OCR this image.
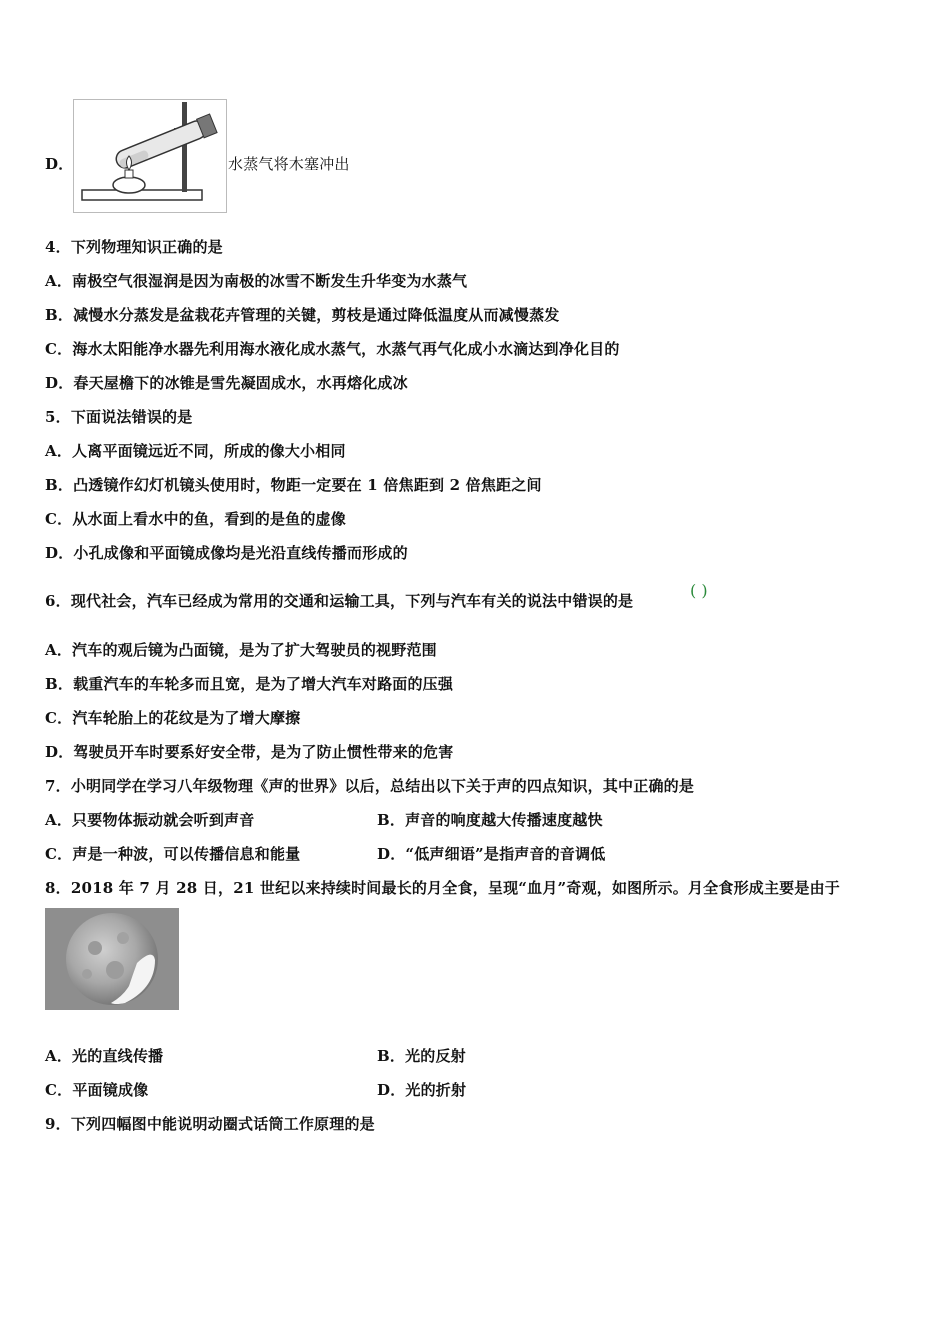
D．	水蒸气将木塞冲出
4．下列物理知识正确的是
A．南极空气很湿润是因为南极的冰雪不断发生升华变为水蒸气
B．减慢水分蒸发是盆栽花卉管理的关键，剪枝是通过降低温度从而减慢蒸发
C．海水太阳能净水器先利用海水液化成水蒸气，水蒸气再气化成小水滴达到净化目的
D．春天屋檐下的冰锥是雪先凝固成水，水再熔化成冰
5．下面说法错误的是
A．人离平面镜远近不同，所成的像大小相同
B．凸透镜作幻灯机镜头使用时，物距一定要在 1 倍焦距到 2 倍焦距之间
C．从水面上看水中的鱼，看到的是鱼的虚像
D．小孔成像和平面镜成像均是光沿直线传播而形成的
6．现代社会，汽车已经成为常用的交通和运输工具，下列与汽车有关的说法中错误的是
( )
A．汽车的观后镜为凸面镜，是为了扩大驾驶员的视野范围
B．载重汽车的车轮多而且宽，是为了增大汽车对路面的压强
C．汽车轮胎上的花纹是为了增大摩擦
D．驾驶员开车时要系好安全带，是为了防止惯性带来的危害
7．小明同学在学习八年级物理《声的世界》以后，总结出以下关于声的四点知识，其中正确的是
A．只要物体振动就会听到声音	B．声音的响度越大传播速度越快
C．声是一种波，可以传播信息和能量	D．“低声细语”是指声音的音调低
8．2018 年 7 月 28 日，21 世纪以来持续时间最长的月全食，呈现“血月”奇观，如图所示。月全食形成主要是由于
A．光的直线传播	B．光的反射
C．平面镜成像	D．光的折射
9．下列四幅图中能说明动圈式话筒工作原理的是
